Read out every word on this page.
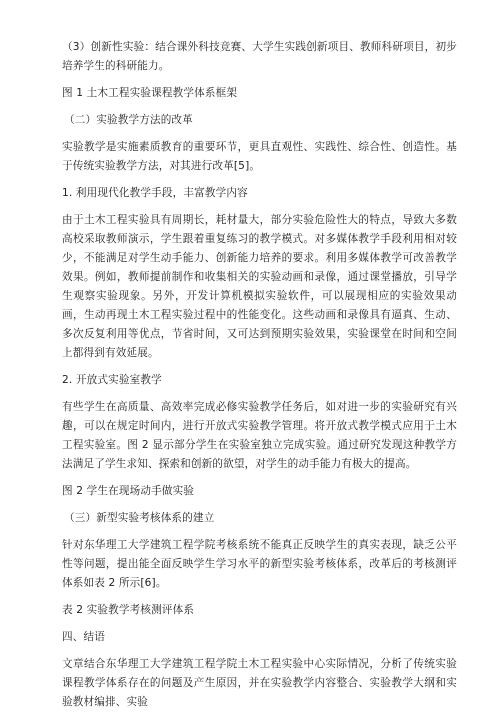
（3）创新性实验：结合课外科技竞赛、大学生实践创新项目、教师科研项目，初步培养学生的科研能力。

图 1 土木工程实验课程教学体系框架

（二）实验教学方法的改革

实验教学是实施素质教育的重要环节，更具直观性、实践性、综合性、创造性。基于传统实验教学方法，对其进行改革[5]。

1. 利用现代化教学手段，丰富教学内容

由于土木工程实验具有周期长，耗材量大，部分实验危险性大的特点，导致大多数高校采取教师演示，学生跟着重复练习的教学模式。对多媒体教学手段利用相对较少，不能满足对学生动手能力、创新能力培养的要求。利用多媒体教学可改善教学效果。例如，教师提前制作和收集相关的实验动画和录像，通过课堂播放，引导学生观察实验现象。另外，开发计算机模拟实验软件，可以展现相应的实验效果动画，生动再现土木工程实验过程中的性能变化。这些动画和录像具有逼真、生动、多次反复利用等优点，节省时间，又可达到预期实验效果，实验课堂在时间和空间上都得到有效延展。

2. 开放式实验室教学

有些学生在高质量、高效率完成必修实验教学任务后，如对进一步的实验研究有兴趣，可以在规定时间内，进行开放式实验教学管理。将开放式教学模式应用于土木工程实验室。图 2 显示部分学生在实验室独立完成实验。通过研究发现这种教学方法满足了学生求知、探索和创新的欲望，对学生的动手能力有极大的提高。

图 2 学生在现场动手做实验

（三）新型实验考核体系的建立

针对东华理工大学建筑工程学院考核系统不能真正反映学生的真实表现，缺乏公平性等问题，提出能全面反映学生学习水平的新型实验考核体系，改革后的考核测评体系如表 2 所示[6]。

表 2 实验教学考核测评体系

四、结语

文章结合东华理工大学建筑工程学院土木工程实验中心实际情况，分析了传统实验课程教学体系存在的问题及产生原因，并在实验教学内容整合、实验教学大纲和实验教材编排、实验
